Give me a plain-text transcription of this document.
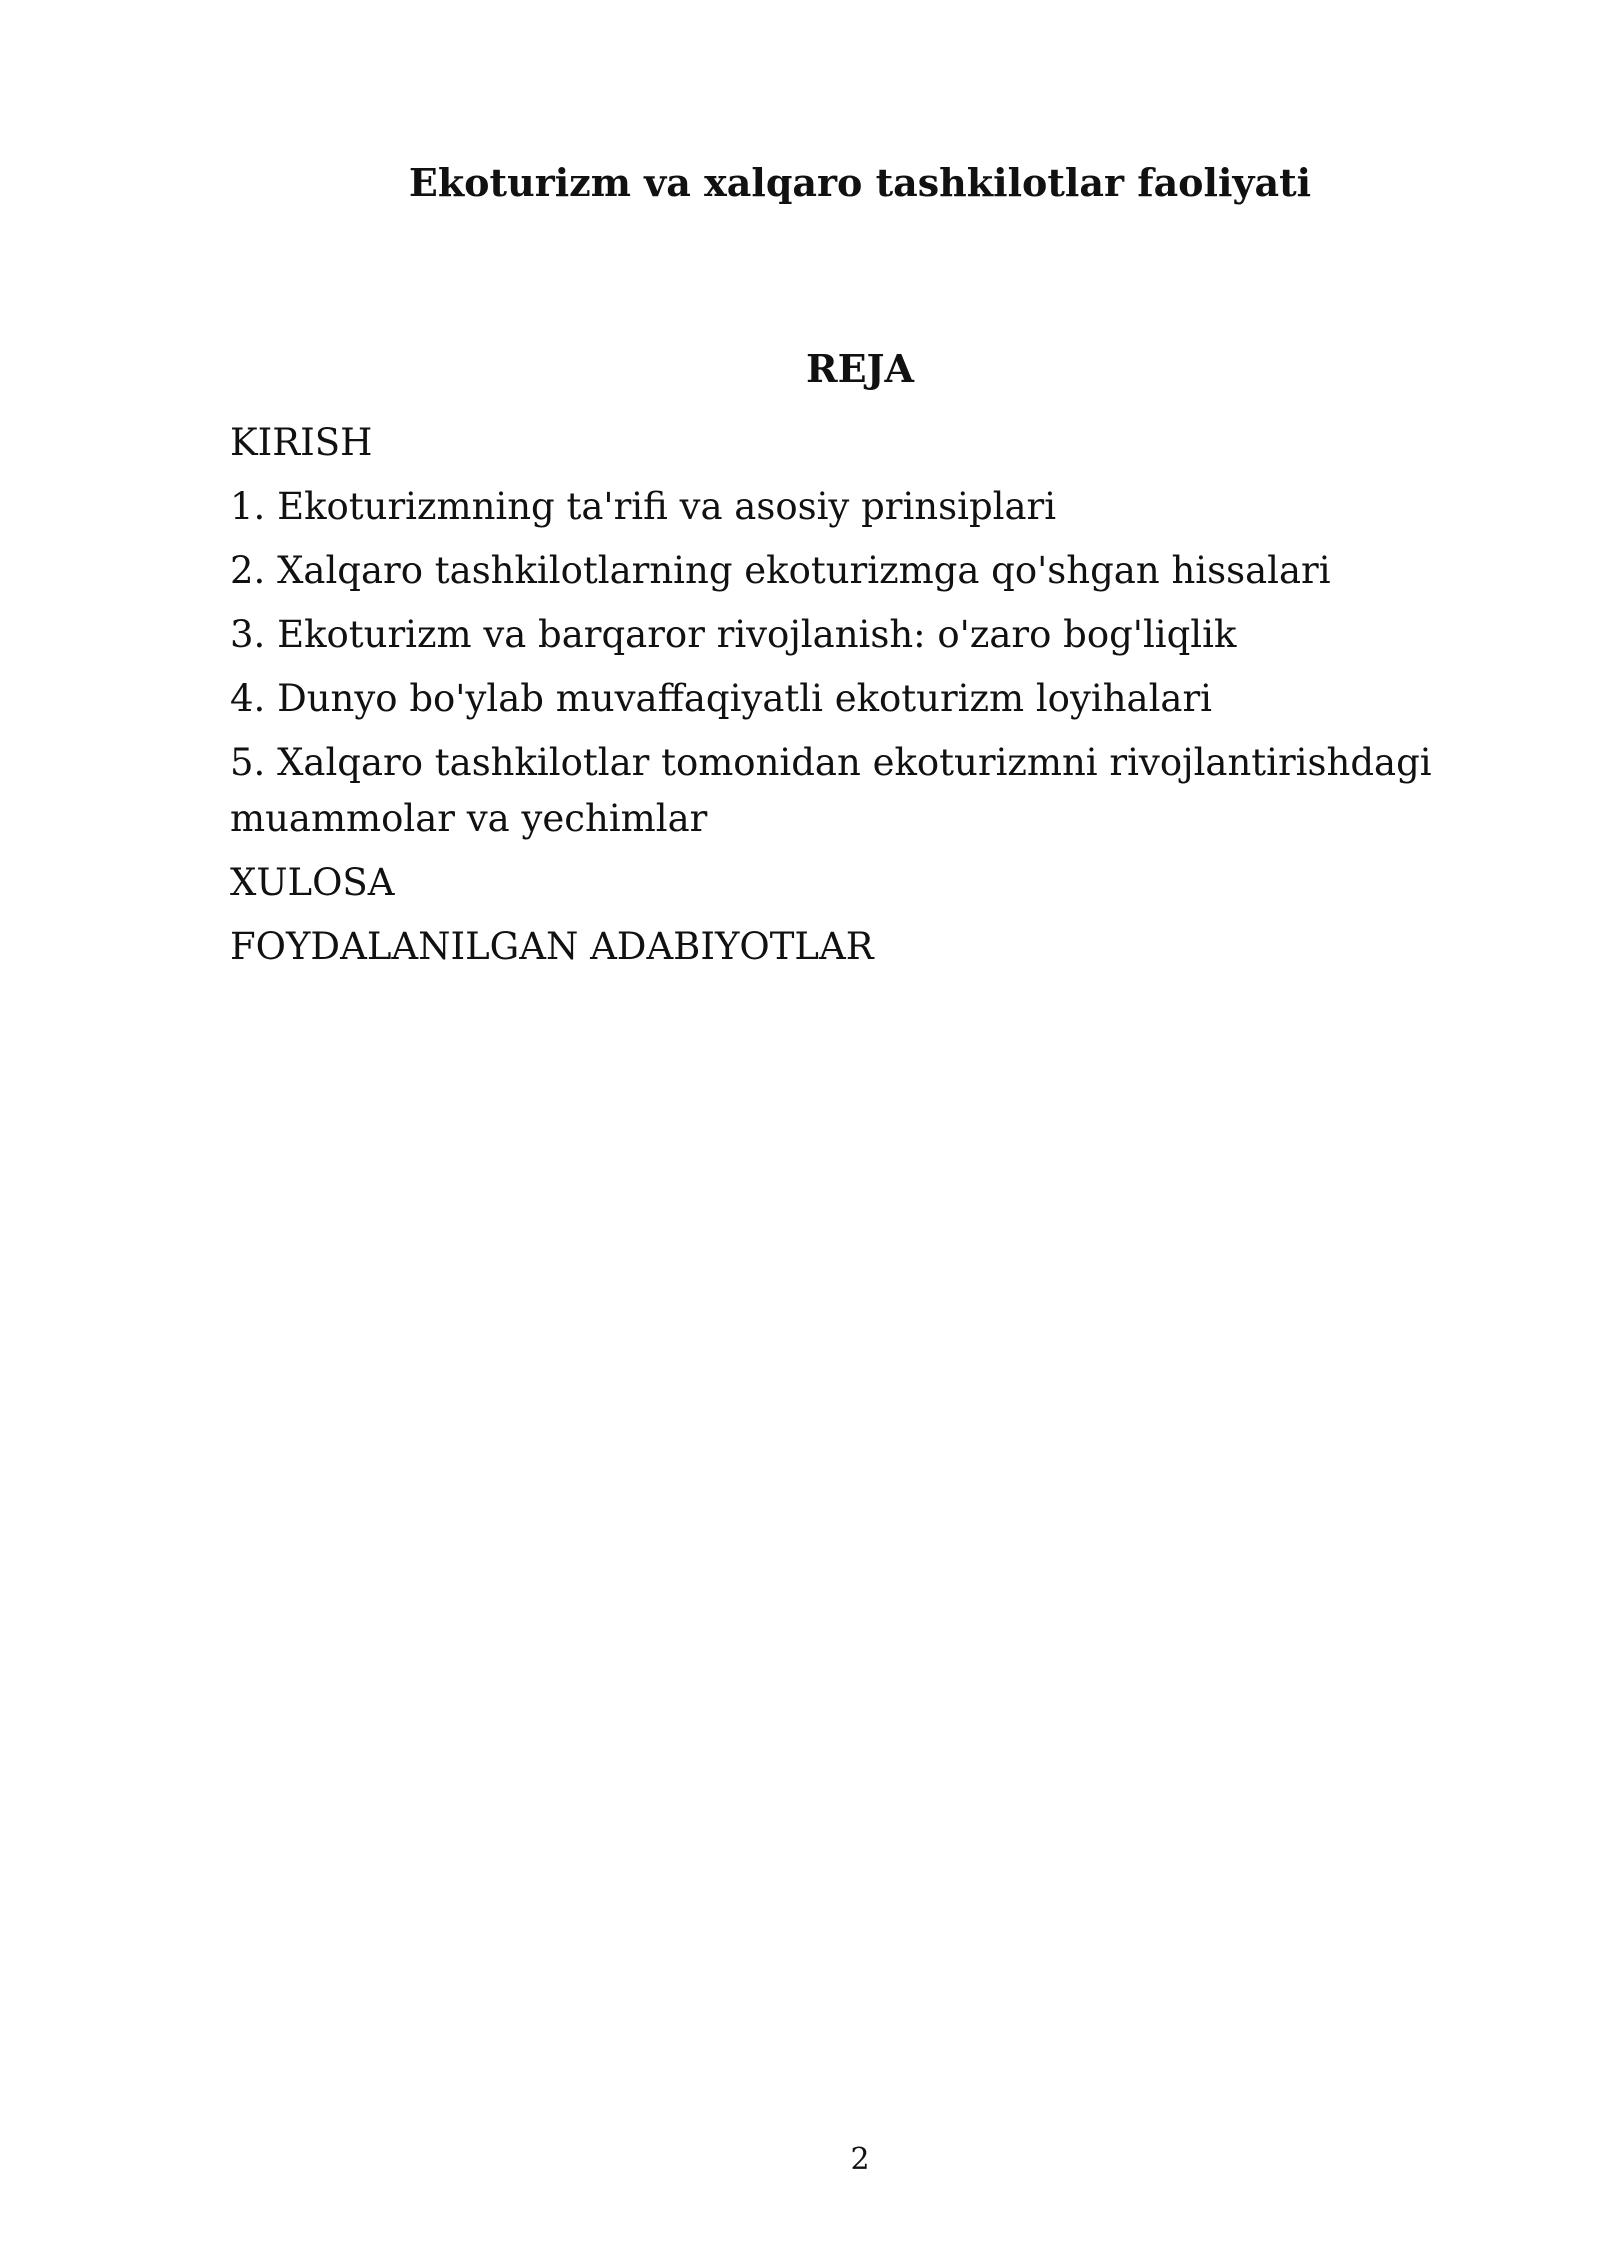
Ekoturizm va xalqaro tashkilotlar faoliyati
REJA
KIRISH
1. Ekoturizmning ta'rifi va asosiy prinsiplari
2. Xalqaro tashkilotlarning ekoturizmga qo'shgan hissalari
3. Ekoturizm va barqaror rivojlanish: o'zaro bog'liqlik
4. Dunyo bo'ylab muvaffaqiyatli ekoturizm loyihalari
5. Xalqaro tashkilotlar tomonidan ekoturizmni rivojlantirishdagi muammolar va yechimlar
XULOSA
FOYDALANILGAN ADABIYOTLAR
2
